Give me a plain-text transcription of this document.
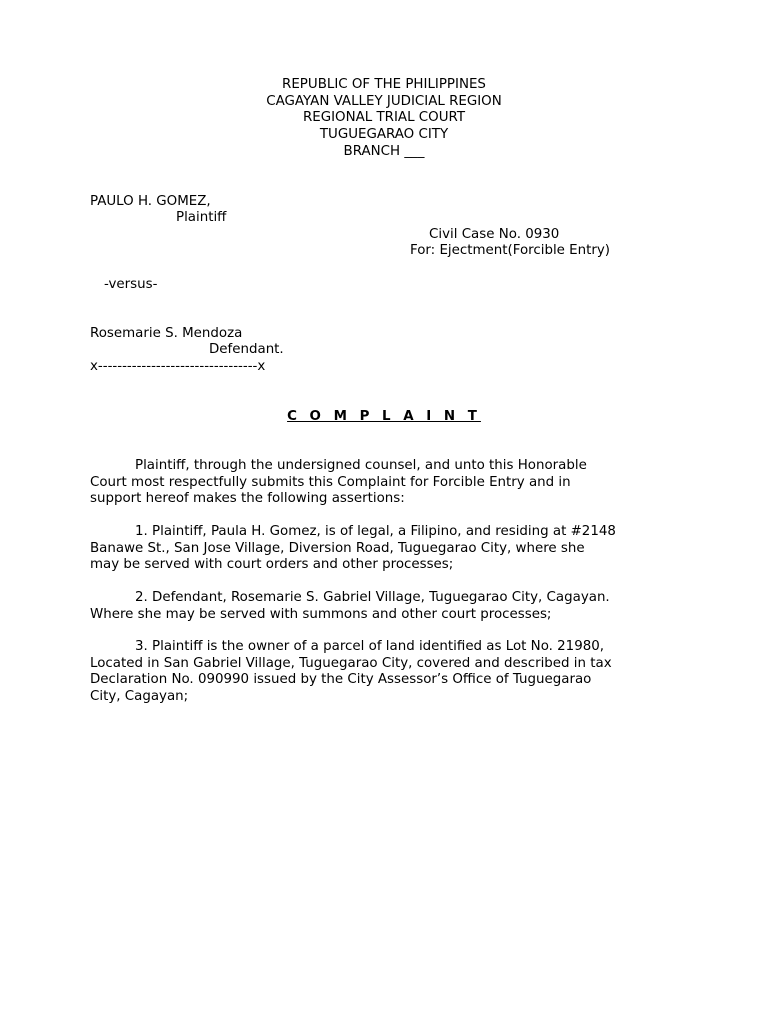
REPUBLIC OF THE PHILIPPINES
CAGAYAN VALLEY JUDICIAL REGION
REGIONAL TRIAL COURT
TUGUEGARAO CITY
BRANCH ___
PAULO H. GOMEZ,
Plaintiff
Civil Case No. 0930
For: Ejectment(Forcible Entry)
-versus-
Rosemarie S. Mendoza
Defendant.
x---------------------------------x
C O M P L A I N T
Plaintiff, through the undersigned counsel, and unto this Honorable
Court most respectfully submits this Complaint for Forcible Entry and in
support hereof makes the following assertions:
1. Plaintiff, Paula H. Gomez, is of legal, a Filipino, and residing at #2148
Banawe St., San Jose Village, Diversion Road, Tuguegarao City, where she
may be served with court orders and other processes;
2. Defendant, Rosemarie S. Gabriel Village, Tuguegarao City, Cagayan.
Where she may be served with summons and other court processes;
3. Plaintiff is the owner of a parcel of land identified as Lot No. 21980,
Located in San Gabriel Village, Tuguegarao City, covered and described in tax
Declaration No. 090990 issued by the City Assessor’s Office of Tuguegarao
City, Cagayan;
